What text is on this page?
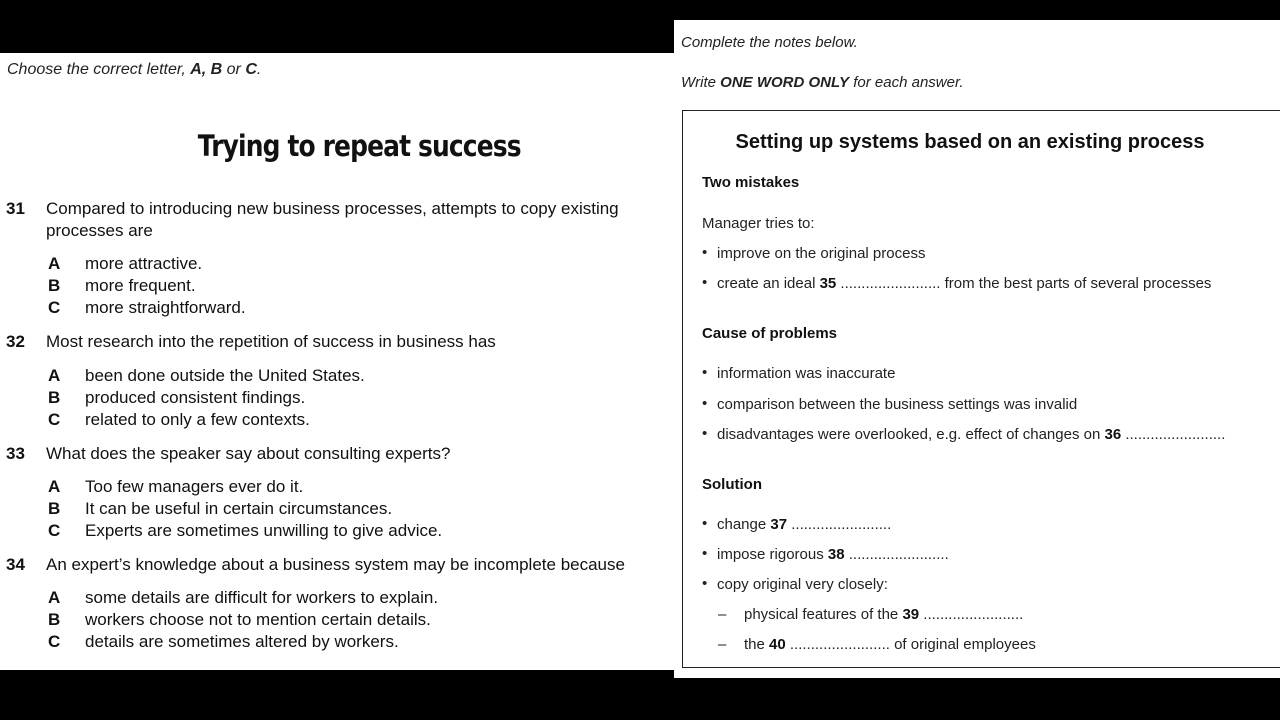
Choose the correct letter, A, B or C.
Trying to repeat success
31 Compared to introducing new business processes, attempts to copy existing
processes are
A more attractive.
B more frequent.
C more straightforward.
32 Most research into the repetition of success in business has
A been done outside the United States.
B produced consistent findings.
C related to only a few contexts.
33 What does the speaker say about consulting experts?
A Too few managers ever do it.
B It can be useful in certain circumstances.
C Experts are sometimes unwilling to give advice.
34 An expert’s knowledge about a business system may be incomplete because
A some details are difficult for workers to explain.
B workers choose not to mention certain details.
C details are sometimes altered by workers.
Complete the notes below.
Write ONE WORD ONLY for each answer.
Setting up systems based on an existing process
Two mistakes
Manager tries to:
• improve on the original process
• create an ideal 35 ........................ from the best parts of several processes
Cause of problems
• information was inaccurate
• comparison between the business settings was invalid
• disadvantages were overlooked, e.g. effect of changes on 36 ........................
Solution
• change 37 ........................
• impose rigorous 38 ........................
• copy original very closely:
– physical features of the 39 ........................
– the 40 ........................ of original employees
